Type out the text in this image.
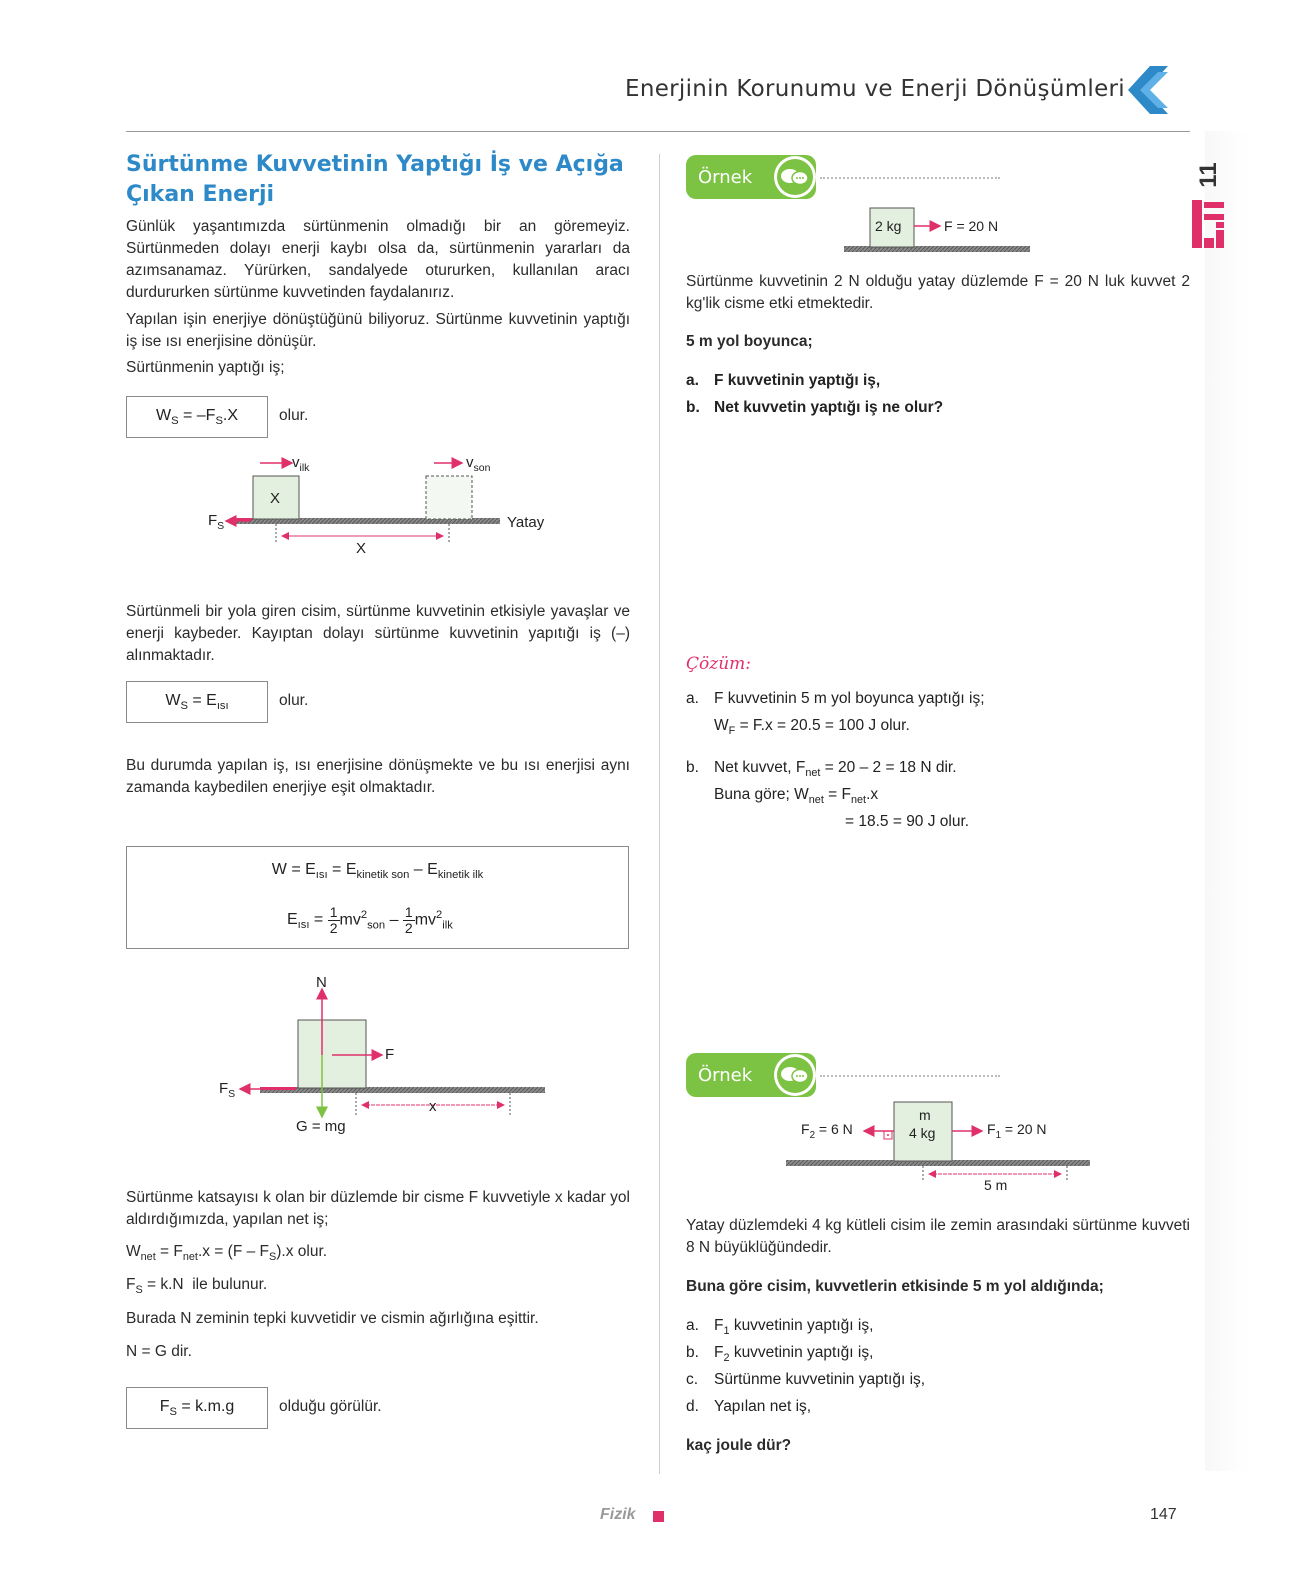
Enerjinin Korunumu ve Enerji Dönüşümleri
11
Sürtünme Kuvvetinin Yaptığı İş ve Açığa Çıkan Enerji
Günlük yaşantımızda sürtünmenin olmadığı bir an göremeyiz. Sürtünmeden dolayı enerji kaybı olsa da, sürtünmenin yararları da azımsanamaz. Yürürken, sandalyede otururken, kullanılan aracı durdururken sürtünme kuvvetinden faydalanırız.
Yapılan işin enerjiye dönüştüğünü biliyoruz. Sürtünme kuvvetinin yaptığı iş ise ısı enerjisine dönüşür.
Sürtünmenin yaptığı iş;
$W_S = -F_S.X$	olur.
$v_{ilk}$	$v_{son}$
X
$F_S$	Yatay
X
Sürtünmeli bir yola giren cisim, sürtünme kuvvetinin etkisiyle yavaşlar ve enerji kaybeder. Kayıptan dolayı sürtünme kuvvetinin yapıtığı iş (–) alınmaktadır.
$W_S = E_{ısı}$	olur.
Bu durumda yapılan iş, ısı enerjisine dönüşmekte ve bu ısı enerjisi aynı zamanda kaybedilen enerjiye eşit olmaktadır.
$W = E_{ısı} = E_{kinetik son} - E_{kinetik ilk}$
$E_{ısı} = \frac{1}{2} mv^2_{son} - 1$
2 $mv^2_{ilk}$
N
F
$F_S$
G = mg
x
Sürtünme katsayısı k olan bir düzlemde bir cisme F kuvvetiyle x kadar yol aldırdığımızda, yapılan net iş;
$W_{net} = F_{net}.x = (F - F_S).x$ olur.
$F_S = k.N$  ile bulunur.
Burada N zeminin tepki kuvvetidir ve cismin ağırlığına eşittir.
N = G dir.
$F_S = k.m.g$	olduğu görülür.
Örnek
2 kg	F = 20 N
Sürtünme kuvvetinin 2 N olduğu yatay düzlemde F = 20 N luk kuvvet 2 kg'lik cisme etki etmektedir.
5 m yol boyunca;
a. F kuvvetinin yaptığı iş,
b. Net kuvvetin yaptığı iş ne olur?
Çözüm:
a. F kuvvetinin 5 m yol boyunca yaptığı iş;
$W_F = F.x = 20.5 = 100$ J olur.
b. Net kuvvet, $F_{net} = 20 - 2 = 18$ N dir.
Buna göre; $W_{net} = F_{net}.x$
= 18.5 = 90 J olur.
Örnek
m
4 kg
$F_2 = 6$ N	$F_1 = 20$ N
5 m
Yatay düzlemdeki 4 kg kütleli cisim ile zemin arasındaki sürtünme kuvveti 8 N büyüklüğündedir.
Buna göre cisim, kuvvetlerin etkisinde 5 m yol aldığında;
a. $F_1$ kuvvetinin yaptığı iş,
b. $F_2$ kuvvetinin yaptığı iş,
c. Sürtünme kuvvetinin yaptığı iş,
d. Yapılan net iş,
kaç joule dür?
Fizik	147
